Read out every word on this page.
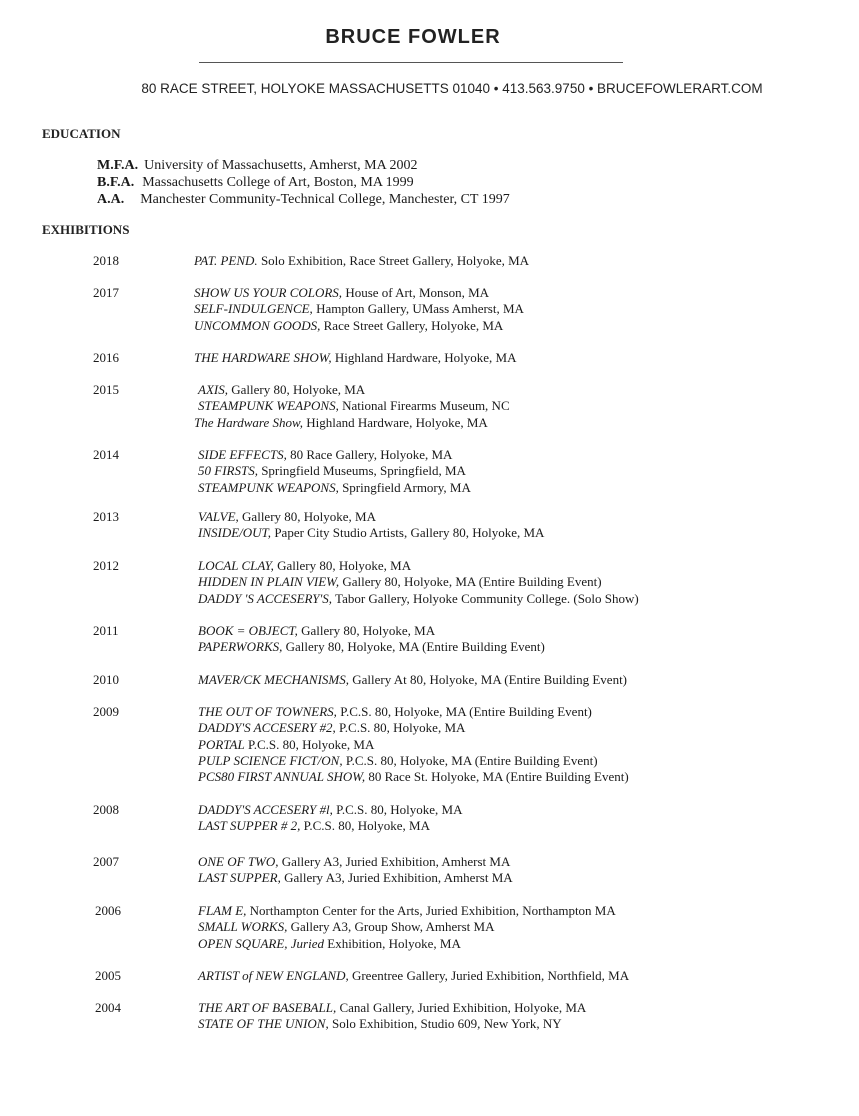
BRUCE FOWLER
80 RACE STREET, HOLYOKE MASSACHUSETTS 01040 • 413.563.9750 • BRUCEFOWLERART.COM
EDUCATION
M.F.A. University of Massachusetts, Amherst, MA 2002
B.F.A. Massachusetts College of Art, Boston, MA 1999
A.A. Manchester Community-Technical College, Manchester, CT 1997
EXHIBITIONS
2018	PAT. PEND. Solo Exhibition, Race Street Gallery, Holyoke, MA
2017	SHOW US YOUR COLORS, House of Art, Monson, MA
SELF-INDULGENCE, Hampton Gallery, UMass Amherst, MA
UNCOMMON GOODS, Race Street Gallery, Holyoke, MA
2016	THE HARDWARE SHOW, Highland Hardware, Holyoke, MA
2015	AXIS, Gallery 80, Holyoke, MA
STEAMPUNK WEAPONS, National Firearms Museum, NC
The Hardware Show, Highland Hardware, Holyoke, MA
2014	SIDE EFFECTS, 80 Race Gallery, Holyoke, MA
50 FIRSTS, Springfield Museums, Springfield, MA
STEAMPUNK WEAPONS, Springfield Armory, MA
2013	VALVE, Gallery 80, Holyoke, MA
INSIDE/OUT, Paper City Studio Artists, Gallery 80, Holyoke, MA
2012	LOCAL CLAY, Gallery 80, Holyoke, MA
HIDDEN IN PLAIN VIEW, Gallery 80, Holyoke, MA (Entire Building Event)
DADDY 'S ACCESERY'S, Tabor Gallery, Holyoke Community College. (Solo Show)
2011	BOOK = OBJECT, Gallery 80, Holyoke, MA
PAPERWORKS, Gallery 80, Holyoke, MA (Entire Building Event)
2010	MAVER/CK MECHANISMS, Gallery At 80, Holyoke, MA (Entire Building Event)
2009	THE OUT OF TOWNERS, P.C.S. 80, Holyoke, MA (Entire Building Event)
DADDY'S ACCESERY #2, P.C.S. 80, Holyoke, MA
PORTAL P.C.S. 80, Holyoke, MA
PULP SCIENCE FICT/ON, P.C.S. 80, Holyoke, MA (Entire Building Event)
PCS80 FIRST ANNUAL SHOW, 80 Race St. Holyoke, MA (Entire Building Event)
2008	DADDY'S ACCESERY #l, P.C.S. 80, Holyoke, MA
LAST SUPPER # 2, P.C.S. 80, Holyoke, MA
2007	ONE OF TWO, Gallery A3, Juried Exhibition, Amherst MA
LAST SUPPER, Gallery A3, Juried Exhibition, Amherst MA
2006	FLAM E, Northampton Center for the Arts, Juried Exhibition, Northampton MA
SMALL WORKS, Gallery A3, Group Show, Amherst MA
OPEN SQUARE, Juried Exhibition, Holyoke, MA
2005	ARTIST of NEW ENGLAND, Greentree Gallery, Juried Exhibition, Northfield, MA
2004	THE ART OF BASEBALL, Canal Gallery, Juried Exhibition, Holyoke, MA
STATE OF THE UNION, Solo Exhibition, Studio 609, New York, NY
